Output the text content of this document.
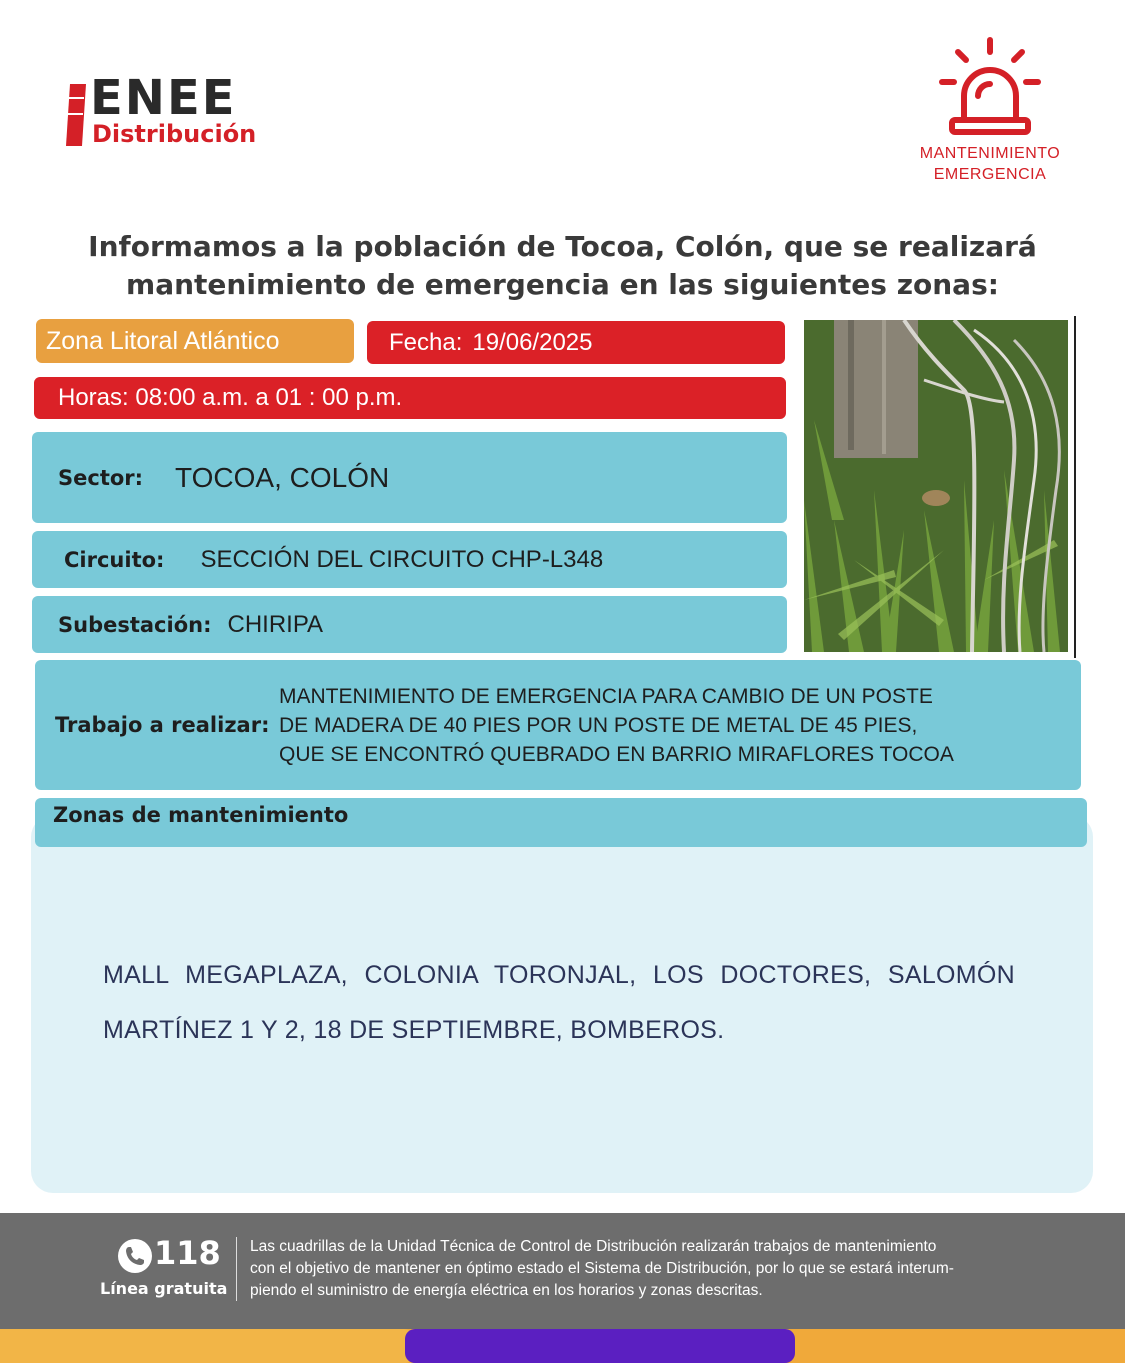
ENEE
Distribución
MANTENIMIENTO
EMERGENCIA
Informamos a la población de Tocoa, Colón, que se realizará
mantenimiento de emergencia en las siguientes zonas:
Zona Litoral Atlántico	Fecha: 19/06/2025
Horas: 08:00 a.m. a 01 : 00 p.m.
Sector: TOCOA, COLÓN
Circuito: SECCIÓN DEL CIRCUITO CHP-L348
Subestación: CHIRIPA
Trabajo a realizar:
MANTENIMIENTO DE EMERGENCIA PARA CAMBIO DE UN POSTE
DE MADERA DE 40 PIES POR UN POSTE DE METAL DE 45 PIES,
QUE SE ENCONTRÓ QUEBRADO EN BARRIO MIRAFLORES TOCOA
Zonas de mantenimiento
MALL MEGAPLAZA, COLONIA TORONJAL, LOS DOCTORES, SALOMÓN MARTÍNEZ 1 Y 2, 18 DE SEPTIEMBRE, BOMBEROS.
118
Línea gratuita
Las cuadrillas de la Unidad Técnica de Control de Distribución realizarán trabajos de mantenimiento
con el objetivo de mantener en óptimo estado el Sistema de Distribución, por lo que se estará interum-
piendo el suministro de energía eléctrica en los horarios y zonas descritas.
